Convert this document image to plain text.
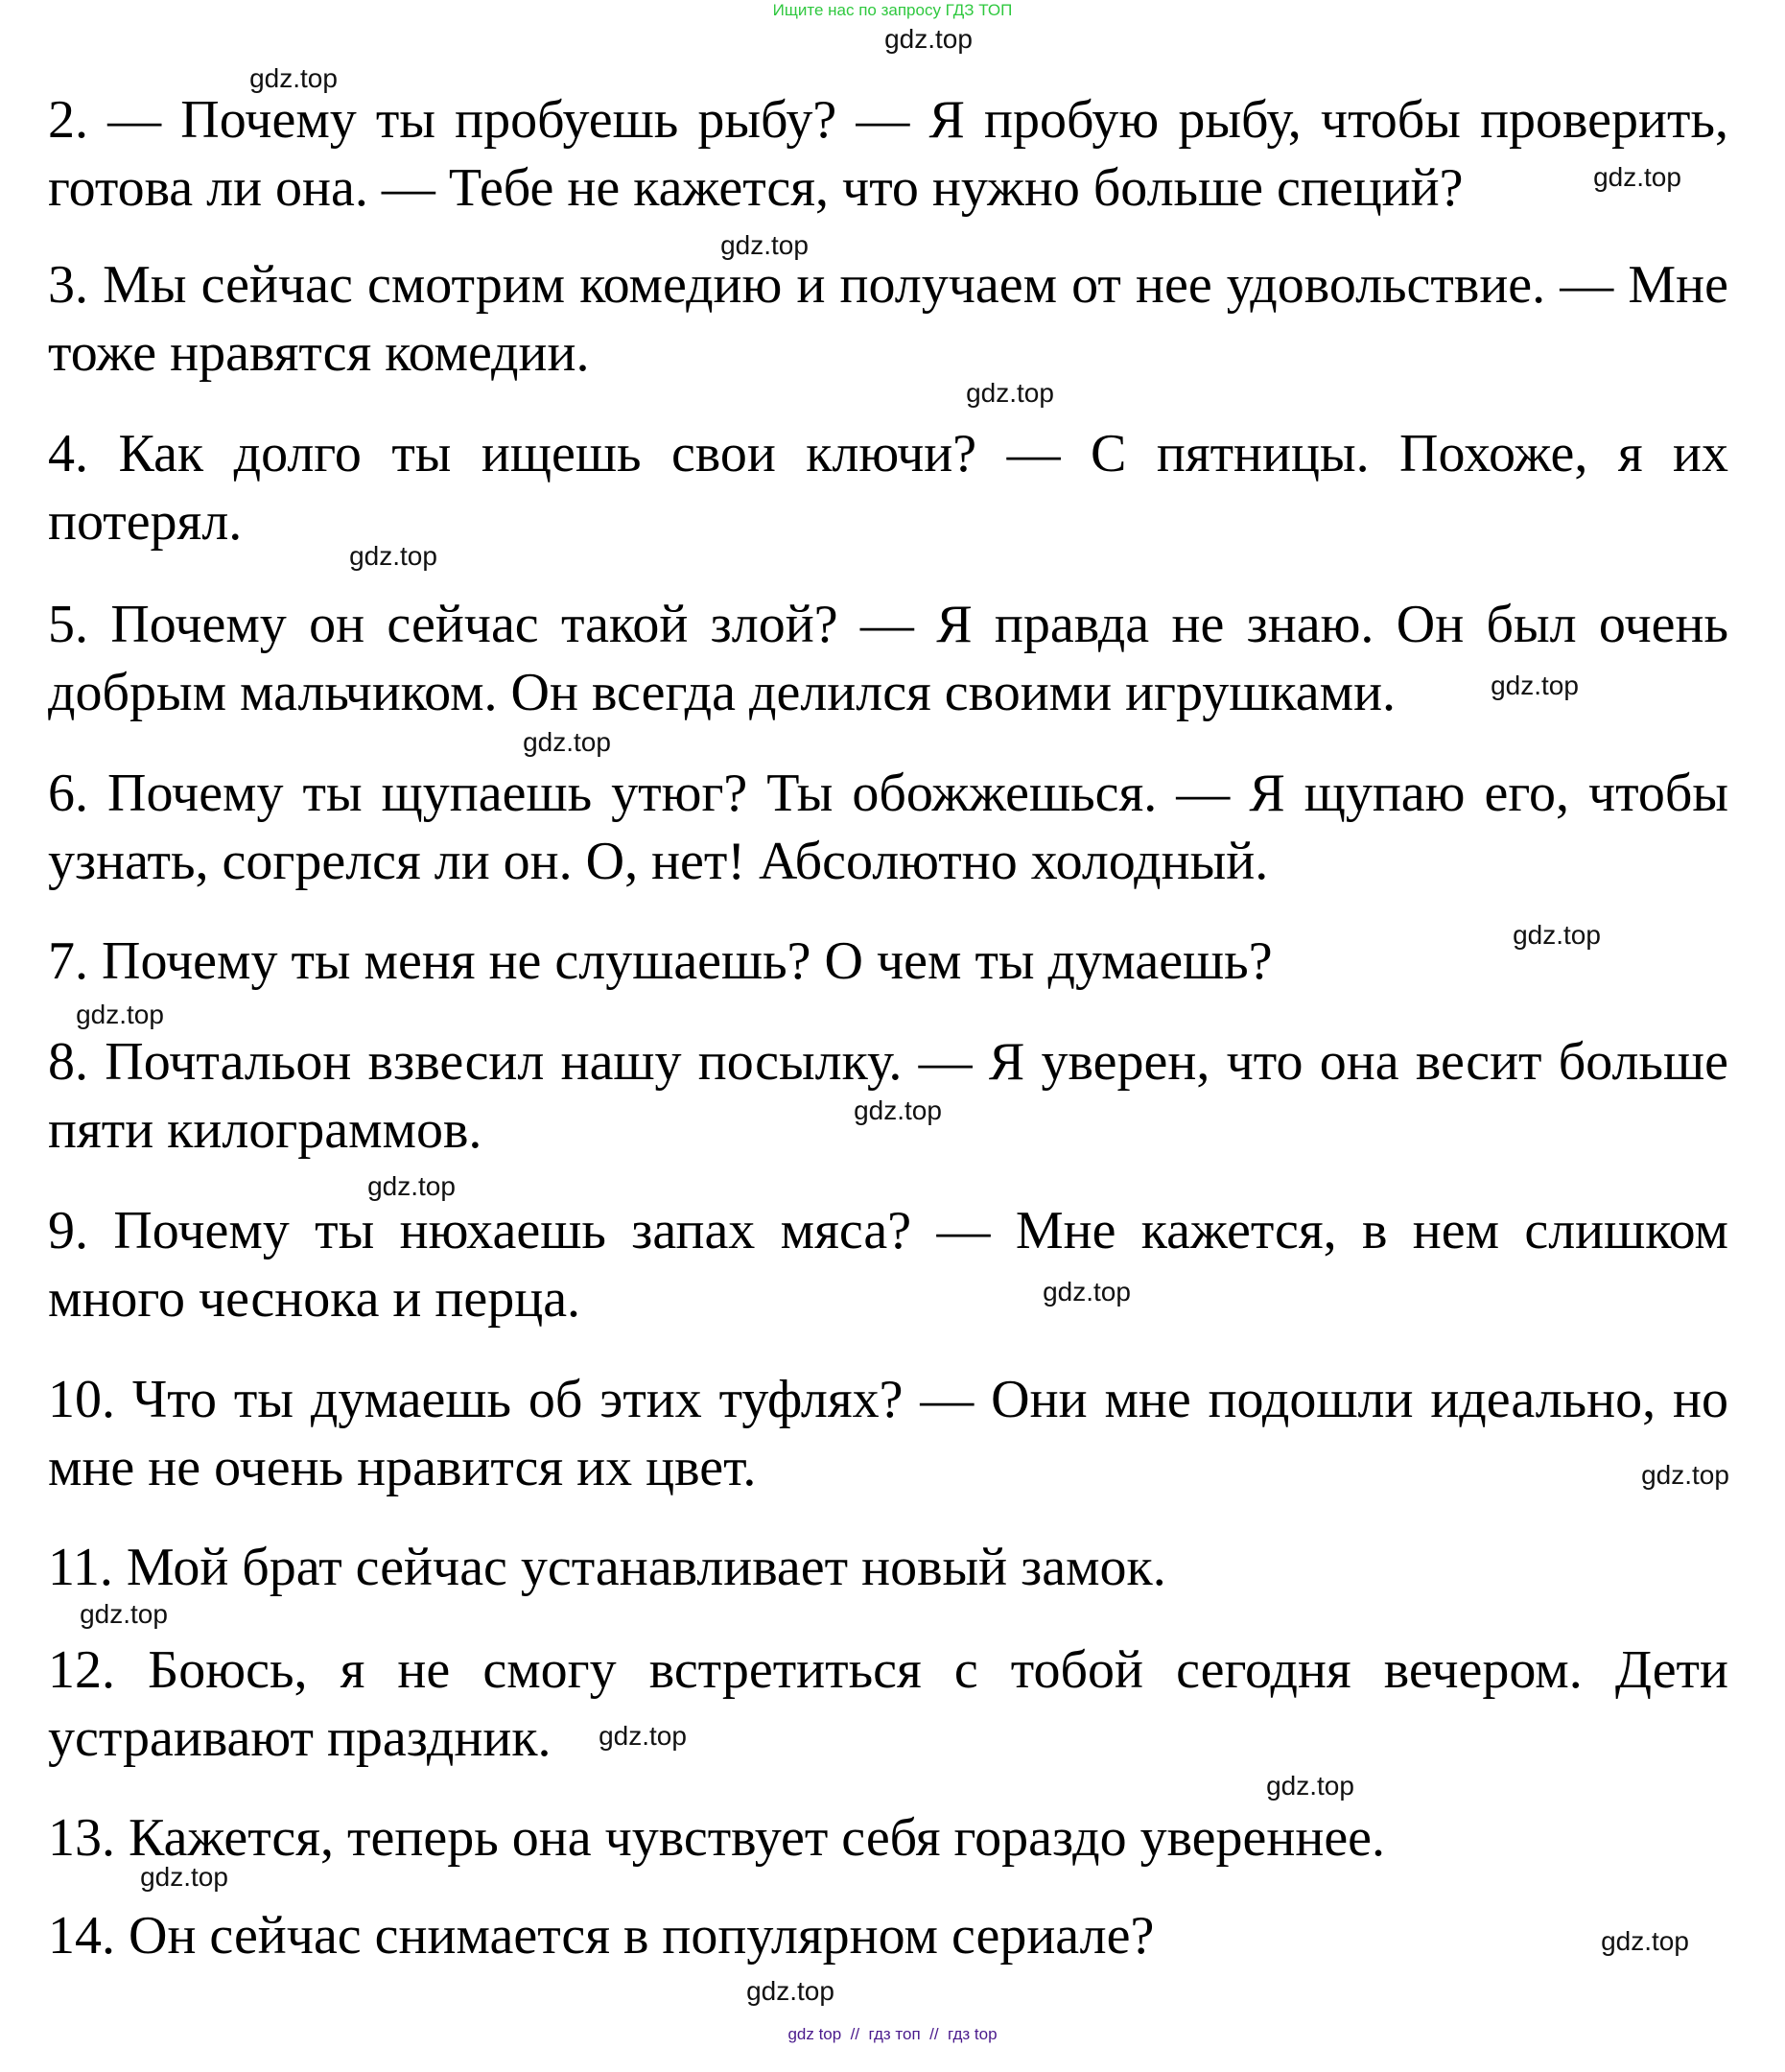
Ищите нас по запросу ГДЗ ТОП

2. — Почему ты пробуешь рыбу? — Я пробую рыбу, чтобы проверить, готова ли она. — Тебе не кажется, что нужно больше специй?

3. Мы сейчас смотрим комедию и получаем от нее удовольствие. — Мне тоже нравятся комедии.

4. Как долго ты ищешь свои ключи? — С пятницы. Похоже, я их потерял.

5. Почему он сейчас такой злой? — Я правда не знаю. Он был очень добрым мальчиком. Он всегда делился своими игрушками.

6. Почему ты щупаешь утюг? Ты обожжешься. — Я щупаю его, чтобы узнать, согрелся ли он. О, нет! Абсолютно холодный.

7. Почему ты меня не слушаешь? О чем ты думаешь?

8. Почтальон взвесил нашу посылку. — Я уверен, что она весит больше пяти килограммов.

9. Почему ты нюхаешь запах мяса? — Мне кажется, в нем слишком много чеснока и перца.

10. Что ты думаешь об этих туфлях? — Они мне подошли идеально, но мне не очень нравится их цвет.

11. Мой брат сейчас устанавливает новый замок.

12. Боюсь, я не смогу встретиться с тобой сегодня вечером. Дети устраивают праздник.

13. Кажется, теперь она чувствует себя гораздо увереннее.

14. Он сейчас снимается в популярном сериале?

gdz.top
gdz.top
gdz.top
gdz.top
gdz.top
gdz.top
gdz.top
gdz.top
gdz.top
gdz.top
gdz.top
gdz.top
gdz.top
gdz.top
gdz.top
gdz.top
gdz.top
gdz.top
gdz.top
gdz.top
gdz top  //  гдз топ  //  гдз top
